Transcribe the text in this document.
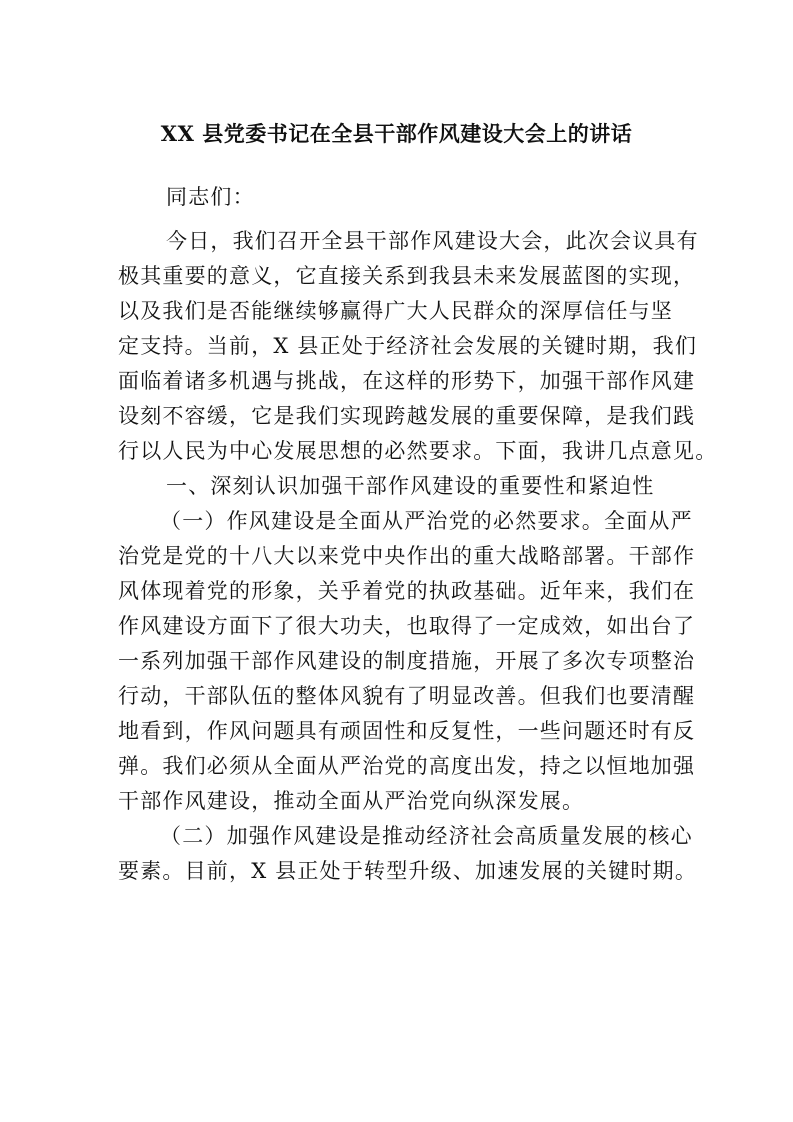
XX 县党委书记在全县干部作风建设大会上的讲话
同志们：
今日，我们召开全县干部作风建设大会，此次会议具有
极其重要的意义，它直接关系到我县未来发展蓝图的实现，
以及我们是否能继续够赢得广大人民群众的深厚信任与坚
定支持。当前，X 县正处于经济社会发展的关键时期，我们
面临着诸多机遇与挑战，在这样的形势下，加强干部作风建
设刻不容缓，它是我们实现跨越发展的重要保障，是我们践
行以人民为中心发展思想的必然要求。下面，我讲几点意见。
一、深刻认识加强干部作风建设的重要性和紧迫性
（一）作风建设是全面从严治党的必然要求。全面从严
治党是党的十八大以来党中央作出的重大战略部署。干部作
风体现着党的形象，关乎着党的执政基础。近年来，我们在
作风建设方面下了很大功夫，也取得了一定成效，如出台了
一系列加强干部作风建设的制度措施，开展了多次专项整治
行动，干部队伍的整体风貌有了明显改善。但我们也要清醒
地看到，作风问题具有顽固性和反复性，一些问题还时有反
弹。我们必须从全面从严治党的高度出发，持之以恒地加强
干部作风建设，推动全面从严治党向纵深发展。
（二）加强作风建设是推动经济社会高质量发展的核心
要素。目前，X 县正处于转型升级、加速发展的关键时期。
